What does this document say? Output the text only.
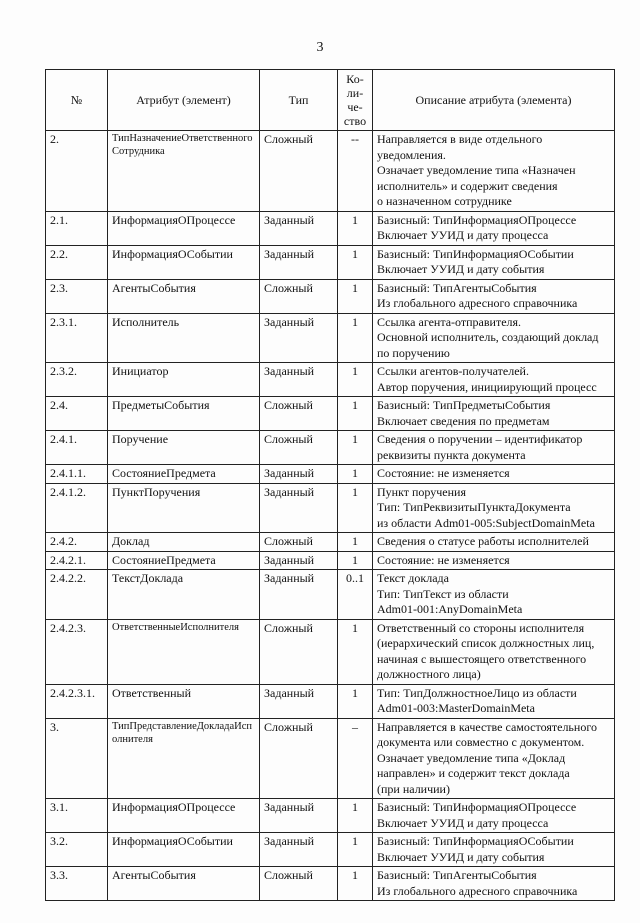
3
№	Атрибут (элемент)	Тип	Ко-
ли-
че-
ство	Описание атрибута (элемента)
2.	ТипНазначениеОтветственногоСотрудника	Сложный	--	Направляется в виде отдельного
уведомления.
Означает уведомление типа «Назначен исполнитель» и содержит сведения
о назначенном сотруднике
2.1.	ИнформацияОПроцессе	Заданный	1	Базисный: ТипИнформацияОПроцессе
Включает УУИД и дату процесса
2.2.	ИнформацияОСобытии	Заданный	1	Базисный: ТипИнформацияОСобытии
Включает УУИД и дату события
2.3.	АгентыСобытия	Сложный	1	Базисный: ТипАгентыСобытия
Из глобального адресного справочника
2.3.1.	Исполнитель	Заданный	1	Ссылка агента-отправителя.
Основной исполнитель, создающий доклад по поручению
2.3.2.	Инициатор	Заданный	1	Ссылки агентов-получателей.
Автор поручения, инициирующий процесс
2.4.	ПредметыСобытия	Сложный	1	Базисный: ТипПредметыСобытия
Включает сведения по предметам
2.4.1.	Поручение	Сложный	1	Сведения о поручении – идентификатор реквизиты пункта документа
2.4.1.1.	СостояниеПредмета	Заданный	1	Состояние: не изменяется
2.4.1.2.	ПунктПоручения	Заданный	1	Пункт поручения
Тип: ТипРеквизитыПунктаДокумента
из области Adm01-005:SubjectDomainMeta
2.4.2.	Доклад	Сложный	1	Сведения о статусе работы исполнителей
2.4.2.1.	СостояниеПредмета	Заданный	1	Состояние: не изменяется
2.4.2.2.	ТекстДоклада	Заданный	0..1	Текст доклада
Тип: ТипТекст из области
Adm01-001:AnyDomainMeta
2.4.2.3.	ОтветственныеИсполнителя	Сложный	1	Ответственный со стороны исполнителя (иерархический список должностных лиц, начиная с вышестоящего ответственного должностного лица)
2.4.2.3.1.	Ответственный	Заданный	1	Тип: ТипДолжностноеЛицо из области
Adm01-003:MasterDomainMeta
3.	ТипПредставлениеДокладаИсполнителя	Сложный	–	Направляется в качестве самостоятельного документа или совместно с документом.
Означает уведомление типа «Доклад направлен» и содержит текст доклада
(при наличии)
3.1.	ИнформацияОПроцессе	Заданный	1	Базисный: ТипИнформацияОПроцессе
Включает УУИД и дату процесса
3.2.	ИнформацияОСобытии	Заданный	1	Базисный: ТипИнформацияОСобытии
Включает УУИД и дату события
3.3.	АгентыСобытия	Сложный	1	Базисный: ТипАгентыСобытия
Из глобального адресного справочника
